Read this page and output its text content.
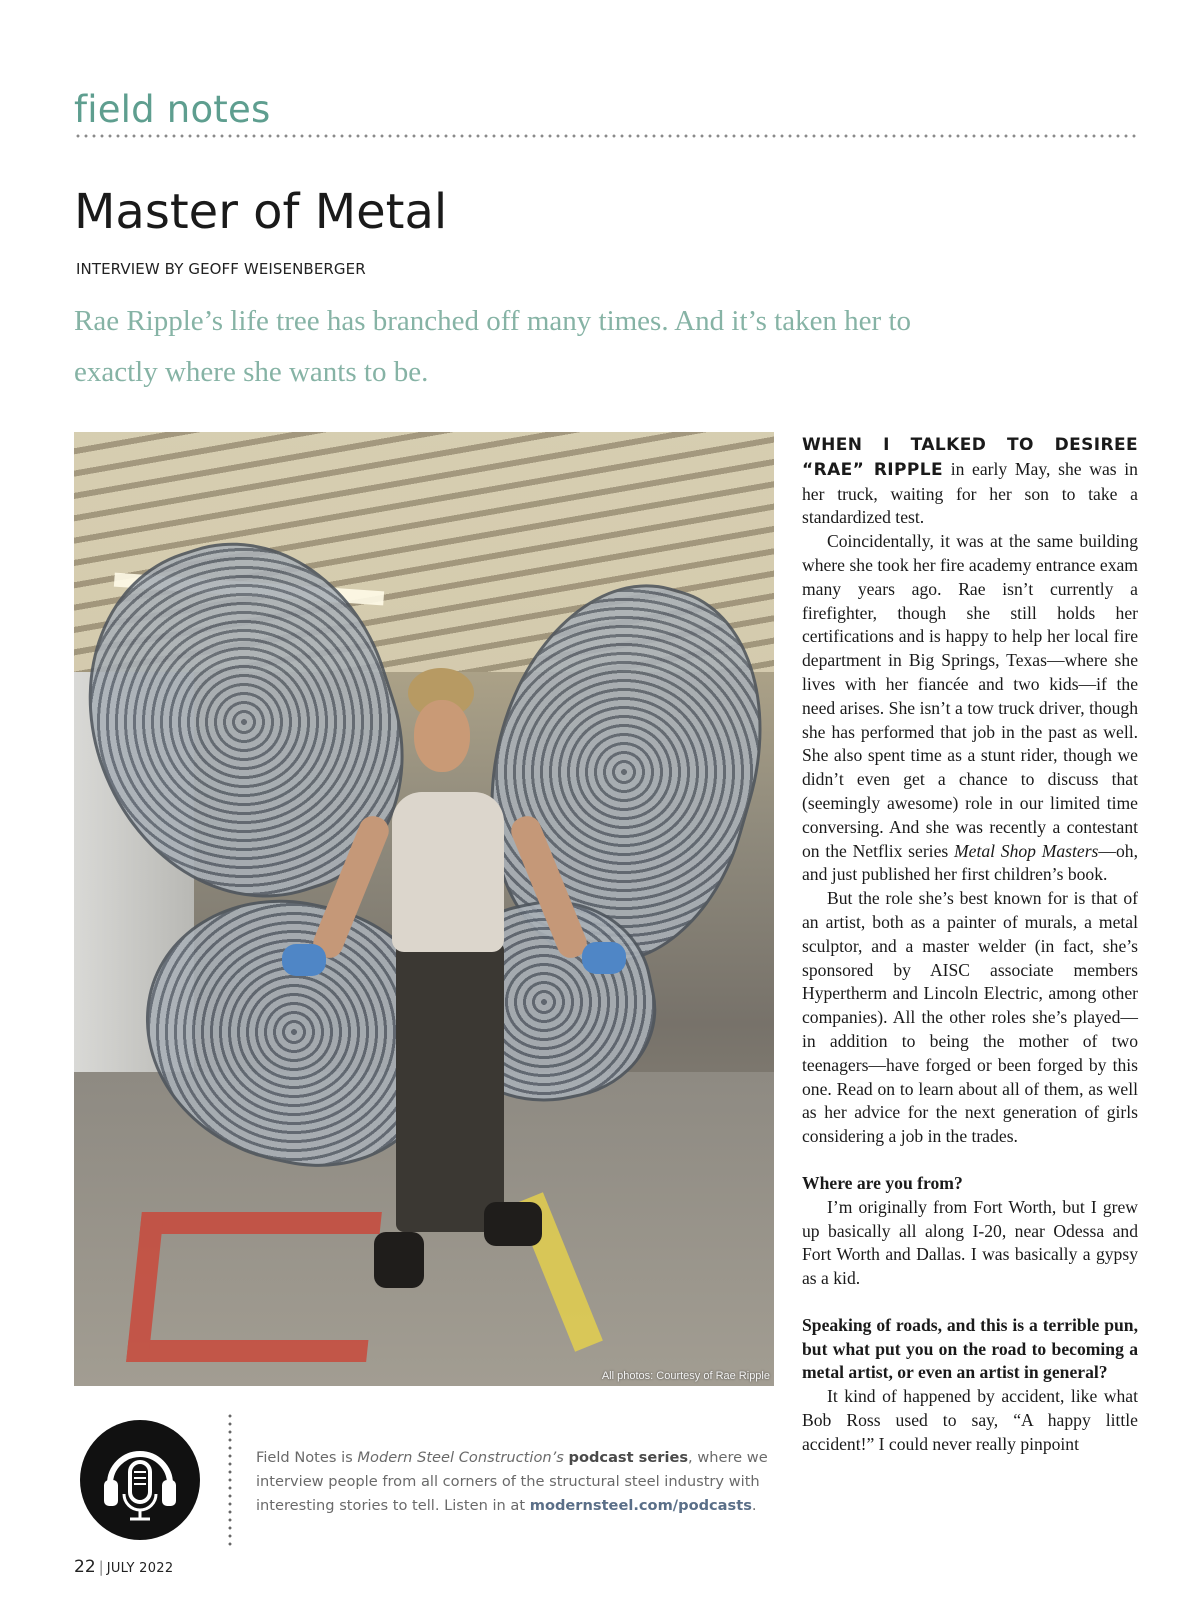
field notes
Master of Metal
INTERVIEW BY GEOFF WEISENBERGER
Rae Ripple’s life tree has branched off many times. And it’s taken her to exactly where she wants to be.
All photos: Courtesy of Rae Ripple

WHEN I TALKED TO DESIREE “RAE” RIPPLE in early May, she was in her truck, waiting for her son to take a standardized test.

Coincidentally, it was at the same building where she took her fire academy entrance exam many years ago. Rae isn’t currently a firefighter, though she still holds her certifications and is happy to help her local fire department in Big Springs, Texas—where she lives with her fiancée and two kids—if the need arises. She isn’t a tow truck driver, though she has performed that job in the past as well. She also spent time as a stunt rider, though we didn’t even get a chance to discuss that (seemingly awesome) role in our limited time conversing. And she was recently a contestant on the Netflix series Metal Shop Masters—oh, and just published her first children’s book.

But the role she’s best known for is that of an artist, both as a painter of murals, a metal sculptor, and a master welder (in fact, she’s sponsored by AISC associate members Hypertherm and Lincoln Electric, among other companies). All the other roles she’s played—in addition to being the mother of two teenagers—have forged or been forged by this one. Read on to learn about all of them, as well as her advice for the next generation of girls considering a job in the trades.

Where are you from?

I’m originally from Fort Worth, but I grew up basically all along I-20, near Odessa and Fort Worth and Dallas. I was basically a gypsy as a kid.

Speaking of roads, and this is a terrible pun, but what put you on the road to becoming a metal artist, or even an artist in general?

It kind of happened by accident, like what Bob Ross used to say, “A happy little accident!” I could never really pinpoint

Field Notes is Modern Steel Construction’s podcast series, where we interview people from all corners of the structural steel industry with interesting stories to tell. Listen in at modernsteel.com/podcasts.
22 | JULY 2022
